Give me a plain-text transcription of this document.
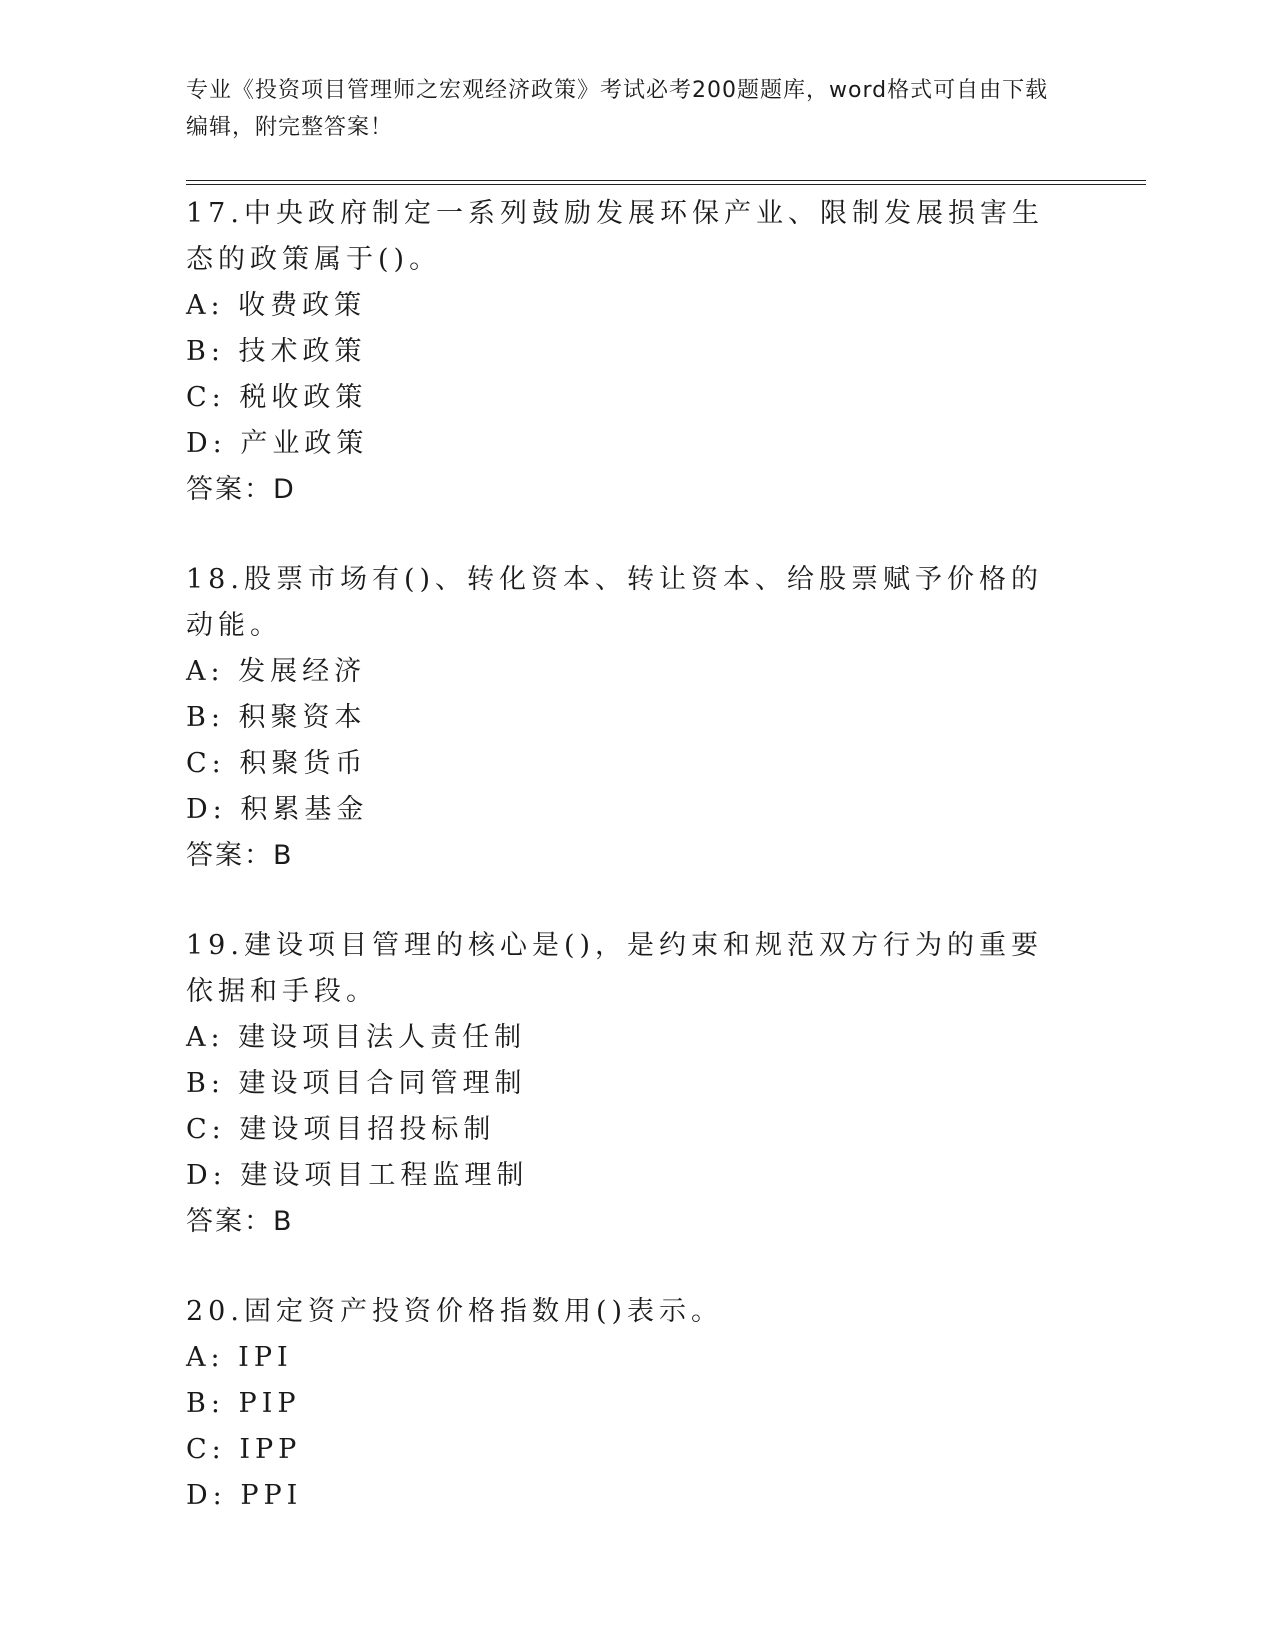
专业《投资项目管理师之宏观经济政策》考试必考200题题库，word格式可自由下载编辑，附完整答案！
17.中央政府制定一系列鼓励发展环保产业、限制发展损害生态的政策属于()。
A: 收费政策
B: 技术政策
C: 税收政策
D: 产业政策
答案：D
18.股票市场有()、转化资本、转让资本、给股票赋予价格的动能。
A: 发展经济
B: 积聚资本
C: 积聚货币
D: 积累基金
答案：B
19.建设项目管理的核心是()，是约束和规范双方行为的重要依据和手段。
A: 建设项目法人责任制
B: 建设项目合同管理制
C: 建设项目招投标制
D: 建设项目工程监理制
答案：B
20.固定资产投资价格指数用()表示。
A: IPI
B: PIP
C: IPP
D: PPI
